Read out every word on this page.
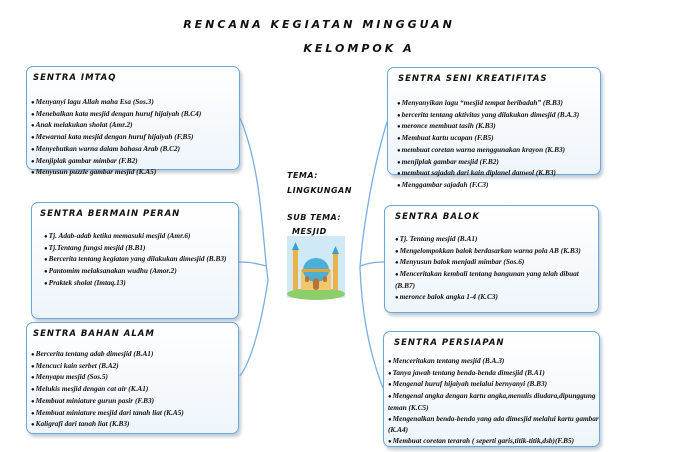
RENCANA KEGIATAN MINGGUAN
KELOMPOK A
SENTRA IMTAQ
● Menyanyi lagu Allah maha Esa (Sos.3)
● Menebalkan kata mesjid dengan huruf hijaiyah (B.C4)
● Anak melakukan sholat (Amr.2)
● Mewarnai kata mesjid dengan huruf hijaiyah (F.B5)
● Menyebutkan warna dalam bahasa Arab (B.C2)
● Menjiplak gambar mimbar (F.B2)
● Menyusun puzzle gambar mesjid (K.A5)
SENTRA SENI KREATIFITAS
● Menyanyikan lagu “mesjid tempat beribadah” (B.B3)
● bercerita tentang aktivitas yang dilakukan dimesjid (B.A.3)
● meronce membuat tasih (K.B3)
● Membuat kartu ucapan (F.B5)
● membuat coretan warna menggunakan krayon (K.B3)
● menjiplak gambar mesjid (F.B2)
● membuat sajadah dari kain diplanel danwol (K.B3)
● Menggambar sajadah (F.C3)
SENTRA BERMAIN PERAN
● Tj. Adab-adab ketika memasuki mesjid (Amr.6)
● Tj.Tentang fungsi mesjid (B.B1)
● Bercerita tentang kegiatan yang dilakukan dimesjid (B.B3)
● Pantomim melaksanakan wudhu (Amor.2)
● Praktek sholat (Imtaq.13)
SENTRA BALOK
● Tj. Tentang mesjid (B.A1)
● Mengelompokkan balok berdasarkan warna pola AB (K.B3)
● Menyusun balok menjadi mimbar (Sos.6)
● Menceritakan kembali tentang bangunan yang telah dibuat (B.B7)
● meronce balok angka 1-4 (K.C3)
SENTRA BAHAN ALAM
● Bercerita tentang adab dimesjid (B.A1)
● Mencuci kain serbet (B.A2)
● Menyapu mesjid (Sos.5)
● Melukis mesjid dengan cat air (K.A1)
● Membuat miniature gurun pasir (F.B3)
● Membuat miniature mesjid dari tanah liat (K.A5)
● Kaligrafi dari tanah liat (K.B3)
SENTRA PERSIAPAN
● Menceritakan tentang mesjid (B.A.3)
● Tanya jawab tentang benda-benda dimesjid (B.A1)
● Mengenal huruf hijaiyah melalui bernyanyi (B.B3)
● Mengenal angka dengan kartu angka,menulis diudara,dipunggung teman (K.C5)
● Mengenalkan benda-benda yang ada dimesjid melalui kartu gambar (K.A4)
● Membuat coretan terarah ( seperti garis,titik-titik,dsb)(F.B5)
TEMA:
LINGKUNGAN
SUB TEMA:
MESJID
